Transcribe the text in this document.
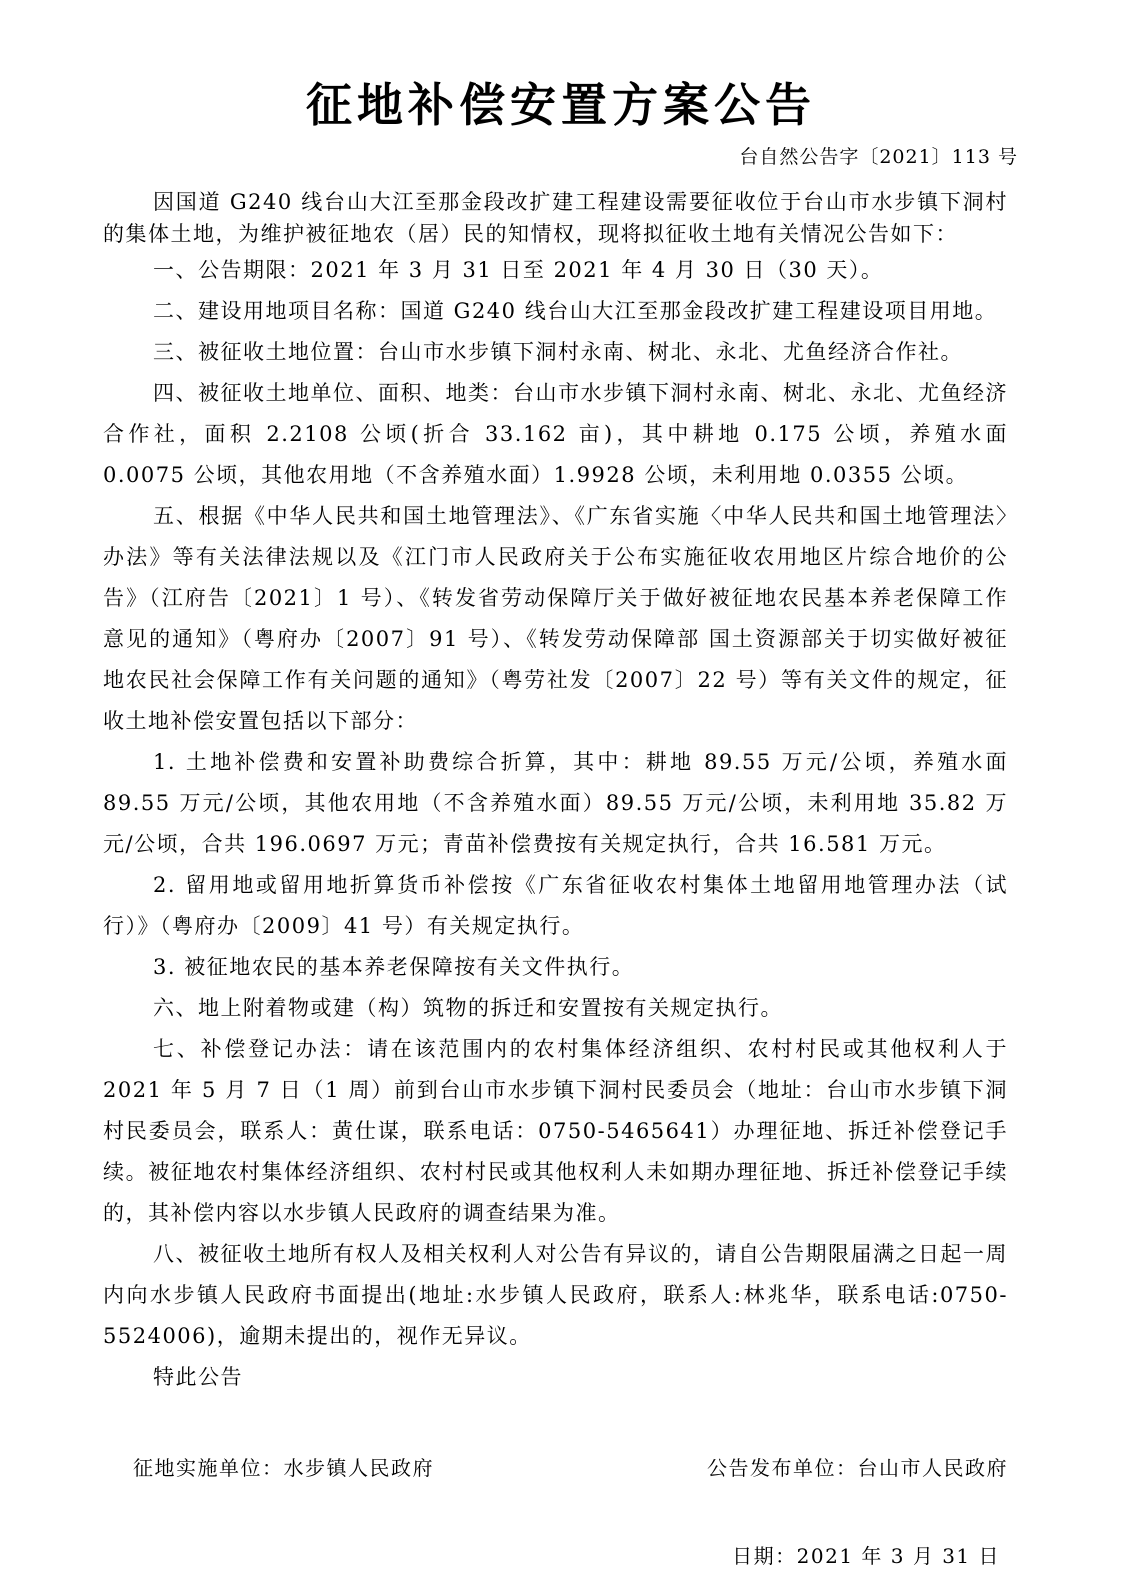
征地补偿安置方案公告
台自然公告字〔2021〕113 号

因国道 G240 线台山大江至那金段改扩建工程建设需要征收位于台山市水步镇下洞村的集体土地，为维护被征地农（居）民的知情权，现将拟征收土地有关情况公告如下：

一、公告期限：2021 年 3 月 31 日至 2021 年 4 月 30 日（30 天）。

二、建设用地项目名称：国道 G240 线台山大江至那金段改扩建工程建设项目用地。

三、被征收土地位置：台山市水步镇下洞村永南、树北、永北、尤鱼经济合作社。

四、被征收土地单位、面积、地类：台山市水步镇下洞村永南、树北、永北、尤鱼经济合作社，面积 2.2108 公顷(折合 33.162 亩)，其中耕地 0.175 公顷，养殖水面 0.0075 公顷，其他农用地（不含养殖水面）1.9928 公顷，未利用地 0.0355 公顷。

五、根据《中华人民共和国土地管理法》、《广东省实施〈中华人民共和国土地管理法〉办法》等有关法律法规以及《江门市人民政府关于公布实施征收农用地区片综合地价的公告》（江府告〔2021〕1 号）、《转发省劳动保障厅关于做好被征地农民基本养老保障工作意见的通知》（粤府办〔2007〕91 号）、《转发劳动保障部 国土资源部关于切实做好被征地农民社会保障工作有关问题的通知》（粤劳社发〔2007〕22 号）等有关文件的规定，征收土地补偿安置包括以下部分：

1. 土地补偿费和安置补助费综合折算，其中：耕地 89.55 万元/公顷，养殖水面 89.55 万元/公顷，其他农用地（不含养殖水面）89.55 万元/公顷，未利用地 35.82 万元/公顷，合共 196.0697 万元；青苗补偿费按有关规定执行，合共 16.581 万元。

2. 留用地或留用地折算货币补偿按《广东省征收农村集体土地留用地管理办法（试行）》（粤府办〔2009〕41 号）有关规定执行。

3. 被征地农民的基本养老保障按有关文件执行。

六、地上附着物或建（构）筑物的拆迁和安置按有关规定执行。

七、补偿登记办法：请在该范围内的农村集体经济组织、农村村民或其他权利人于 2021 年 5 月 7 日（1 周）前到台山市水步镇下洞村民委员会（地址：台山市水步镇下洞村民委员会，联系人：黄仕谋，联系电话：0750-5465641）办理征地、拆迁补偿登记手续。被征地农村集体经济组织、农村村民或其他权利人未如期办理征地、拆迁补偿登记手续的，其补偿内容以水步镇人民政府的调查结果为准。

八、被征收土地所有权人及相关权利人对公告有异议的，请自公告期限届满之日起一周内向水步镇人民政府书面提出(地址:水步镇人民政府，联系人:林兆华，联系电话:0750-5524006)，逾期未提出的，视作无异议。

特此公告

征地实施单位：水步镇人民政府	公告发布单位：台山市人民政府
日期：2021 年 3 月 31 日
